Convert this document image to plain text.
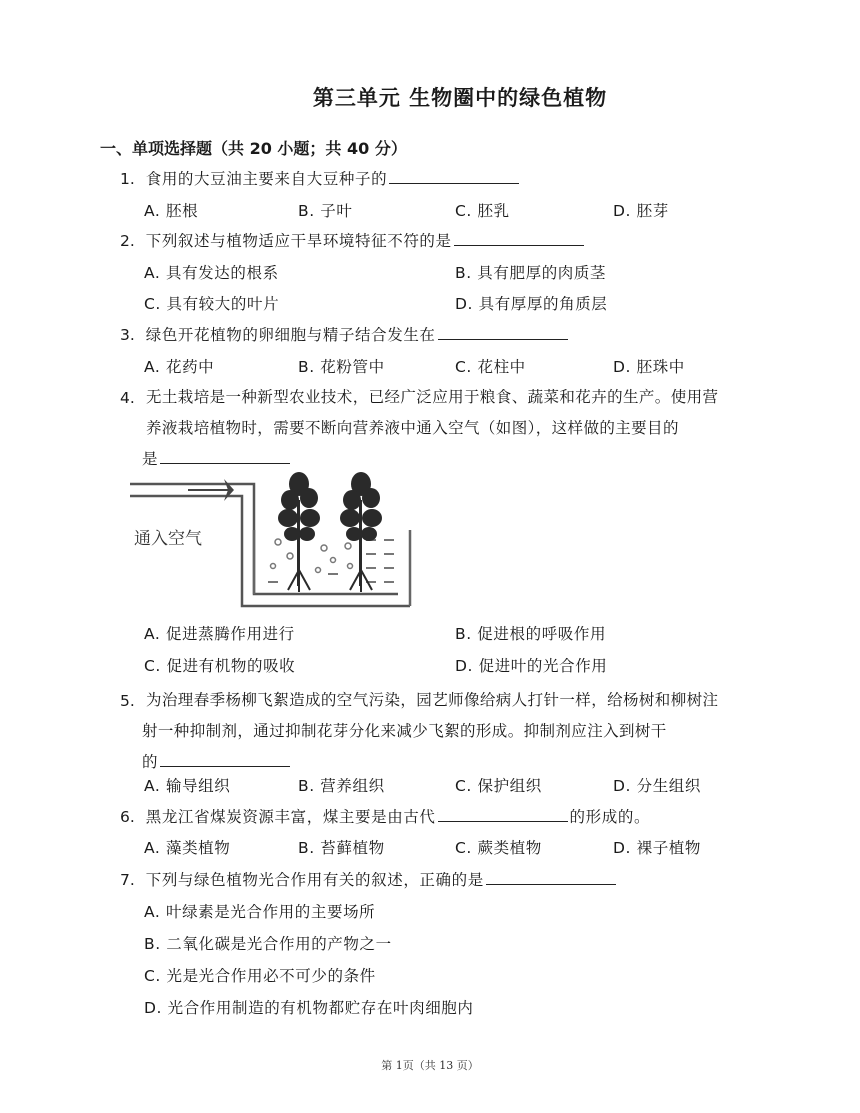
第三单元 生物圈中的绿色植物
一、单项选择题（共 20 小题；共 40 分）
1. 食用的大豆油主要来自大豆种子的
A. 胚根	B. 子叶	C. 胚乳	D. 胚芽
2. 下列叙述与植物适应干旱环境特征不符的是
A. 具有发达的根系	B. 具有肥厚的肉质茎
C. 具有较大的叶片	D. 具有厚厚的角质层
3. 绿色开花植物的卵细胞与精子结合发生在
A. 花药中	B. 花粉管中	C. 花柱中	D. 胚珠中
4. 无土栽培是一种新型农业技术，已经广泛应用于粮食、蔬菜和花卉的生产。使用营
养液栽培植物时，需要不断向营养液中通入空气（如图），这样做的主要目的
是
通入空气
A. 促进蒸腾作用进行	B. 促进根的呼吸作用
C. 促进有机物的吸收	D. 促进叶的光合作用
5. 为治理春季杨柳飞絮造成的空气污染，园艺师像给病人打针一样，给杨树和柳树注
射一种抑制剂，通过抑制花芽分化来减少飞絮的形成。抑制剂应注入到树干
的
A. 输导组织	B. 营养组织	C. 保护组织	D. 分生组织
6. 黑龙江省煤炭资源丰富，煤主要是由古代	的形成的。
A. 藻类植物	B. 苔藓植物	C. 蕨类植物	D. 裸子植物
7. 下列与绿色植物光合作用有关的叙述，正确的是
A. 叶绿素是光合作用的主要场所
B. 二氧化碳是光合作用的产物之一
C. 光是光合作用必不可少的条件
D. 光合作用制造的有机物都贮存在叶肉细胞内
第 1页（共 13 页）
